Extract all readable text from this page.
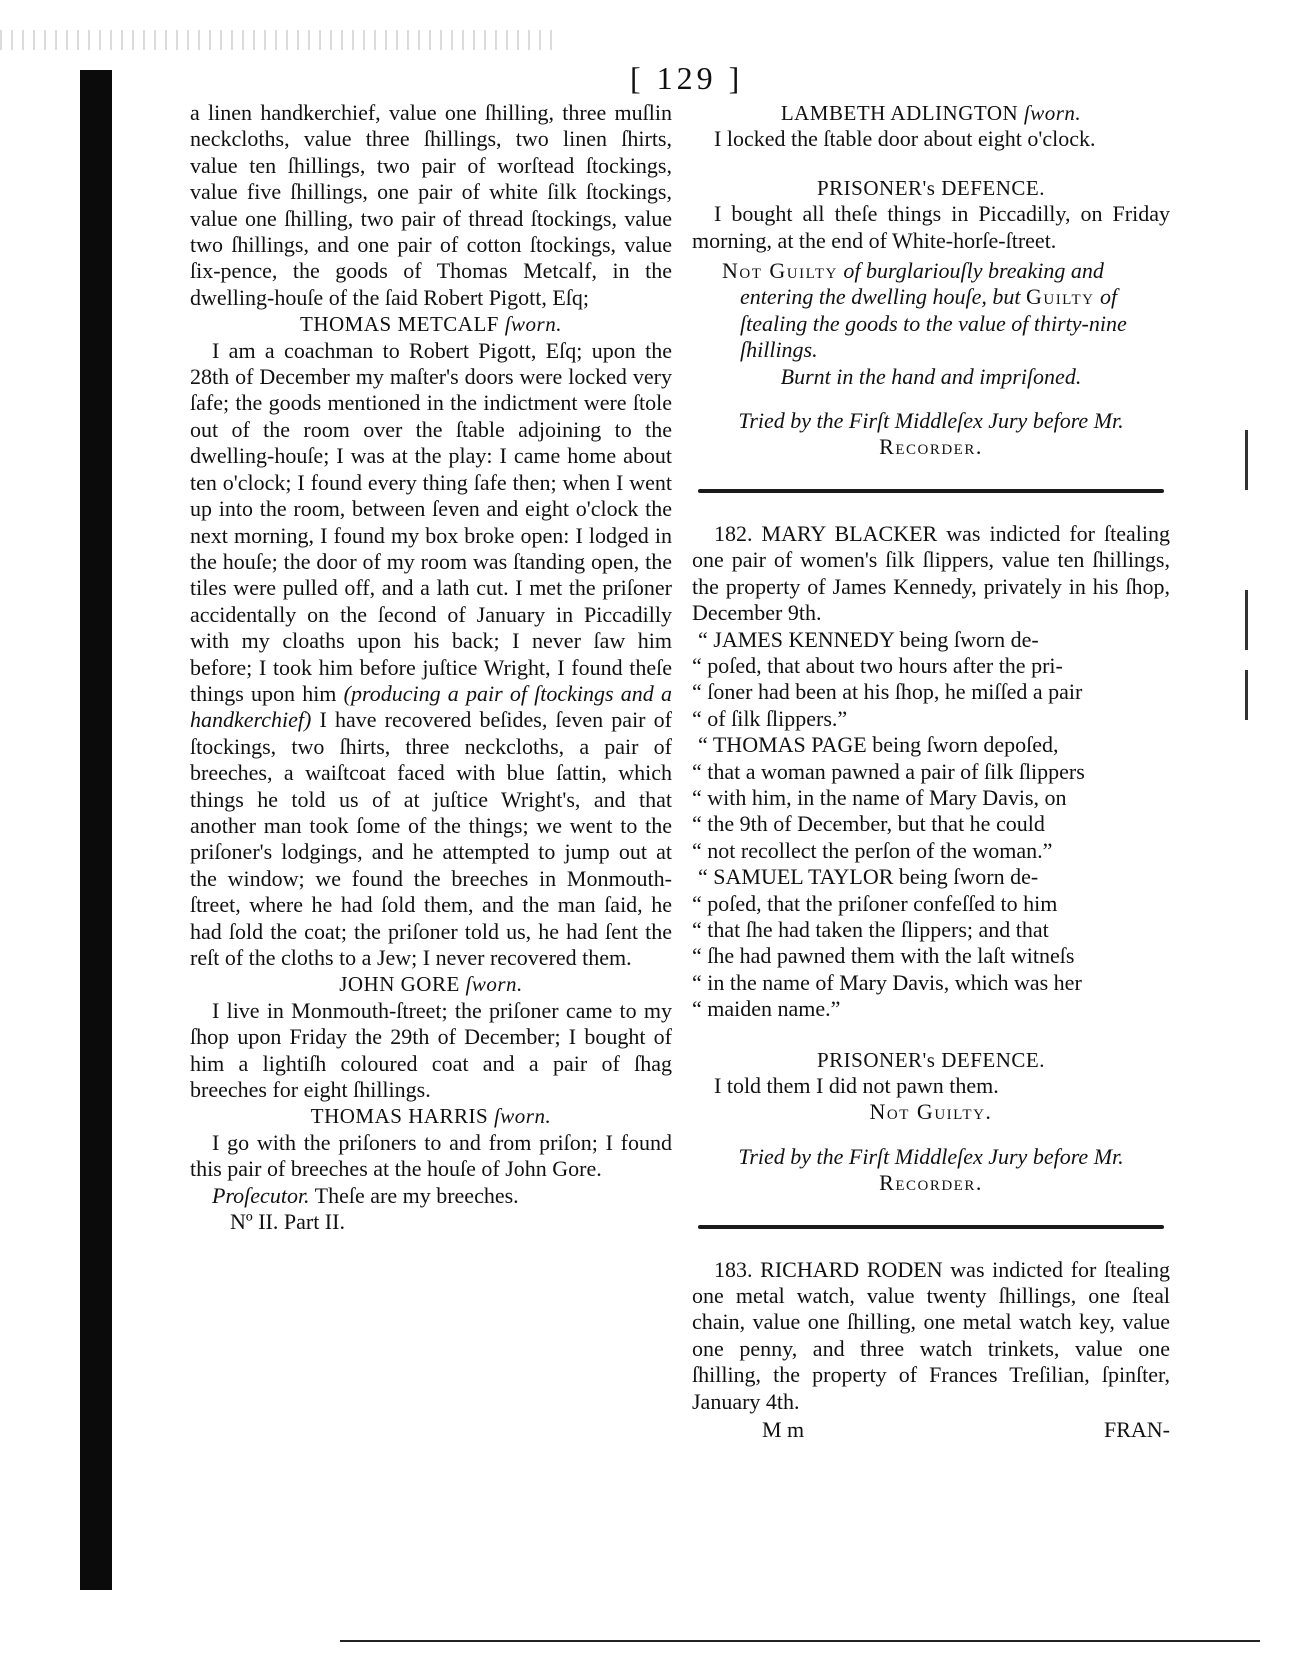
[ 129 ]

a linen handkerchief, value one ſhilling, three muſlin neckcloths, value three ſhillings, two linen ſhirts, value ten ſhillings, two pair of worſtead ſtockings, value five ſhillings, one pair of white ſilk ſtockings, value one ſhilling, two pair of thread ſtockings, value two ſhillings, and one pair of cotton ſtockings, value ſix-pence, the goods of Thomas Metcalf, in the dwelling-houſe of the ſaid Robert Pigott, Eſq;

THOMAS METCALF ſworn.

I am a coachman to Robert Pigott, Eſq; upon the 28th of December my maſter's doors were locked very ſafe; the goods mentioned in the indictment were ſtole out of the room over the ſtable adjoining to the dwelling-houſe; I was at the play: I came home about ten o'clock; I found every thing ſafe then; when I went up into the room, between ſeven and eight o'clock the next morning, I found my box broke open: I lodged in the houſe; the door of my room was ſtanding open, the tiles were pulled off, and a lath cut. I met the priſoner accidentally on the ſecond of January in Piccadilly with my cloaths upon his back; I never ſaw him before; I took him before juſtice Wright, I found theſe things upon him (producing a pair of ſtockings and a handkerchief) I have recovered beſides, ſeven pair of ſtockings, two ſhirts, three neckcloths, a pair of breeches, a waiſtcoat faced with blue ſattin, which things he told us of at juſtice Wright's, and that another man took ſome of the things; we went to the priſoner's lodgings, and he attempted to jump out at the window; we found the breeches in Monmouth-ſtreet, where he had ſold them, and the man ſaid, he had ſold the coat; the priſoner told us, he had ſent the reſt of the cloths to a Jew; I never recovered them.

JOHN GORE ſworn.

I live in Monmouth-ſtreet; the priſoner came to my ſhop upon Friday the 29th of December; I bought of him a lightiſh coloured coat and a pair of ſhag breeches for eight ſhillings.

THOMAS HARRIS ſworn.

I go with the priſoners to and from priſon; I found this pair of breeches at the houſe of John Gore.

Proſecutor. Theſe are my breeches.

Nº II. Part II.

LAMBETH ADLINGTON ſworn.

I locked the ſtable door about eight o'clock.

PRISONER's DEFENCE.

I bought all theſe things in Piccadilly, on Friday morning, at the end of White-horſe-ſtreet.

Not Guilty of burglariouſly breaking and entering the dwelling houſe, but Guilty of ſtealing the goods to the value of thirty-nine ſhillings.

Burnt in the hand and impriſoned.

Tried by the Firſt Middleſex Jury before Mr.

Recorder.

182. MARY BLACKER was indicted for ſtealing one pair of women's ſilk ſlippers, value ten ſhillings, the property of James Kennedy, privately in his ſhop, December 9th.

“ JAMES KENNEDY being ſworn de-

“ poſed, that about two hours after the pri-

“ ſoner had been at his ſhop, he miſſed a pair

“ of ſilk ſlippers.”

“ THOMAS PAGE being ſworn depoſed,

“ that a woman pawned a pair of ſilk ſlippers

“ with him, in the name of Mary Davis, on

“ the 9th of December, but that he could

“ not recollect the perſon of the woman.”

“ SAMUEL TAYLOR being ſworn de-

“ poſed, that the priſoner confeſſed to him

“ that ſhe had taken the ſlippers; and that

“ ſhe had pawned them with the laſt witneſs

“ in the name of Mary Davis, which was her

“ maiden name.”

PRISONER's DEFENCE.

I told them I did not pawn them.

Not Guilty.

Tried by the Firſt Middleſex Jury before Mr.

Recorder.

183. RICHARD RODEN was indicted for ſtealing one metal watch, value twenty ſhillings, one ſteal chain, value one ſhilling, one metal watch key, value one penny, and three watch trinkets, value one ſhilling, the property of Frances Treſilian, ſpinſter, January 4th.

M m	FRAN-
